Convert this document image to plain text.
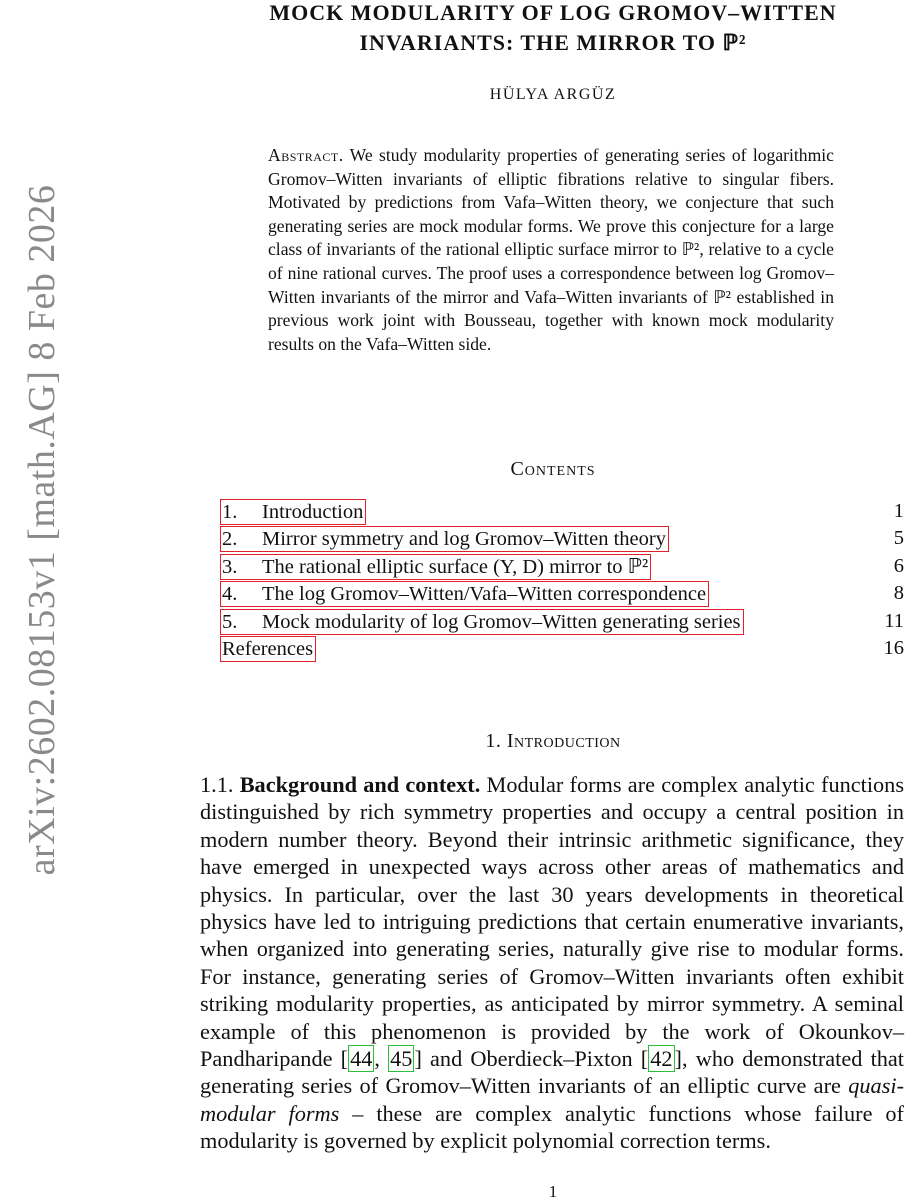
arXiv:2602.08153v1 [math.AG] 8 Feb 2026
MOCK MODULARITY OF LOG GROMOV–WITTEN
INVARIANTS: THE MIRROR TO ℙ²
HÜLYA ARGÜZ
Abstract. We study modularity properties of generating series of logarithmic Gromov–Witten invariants of elliptic fibrations relative to singular fibers. Motivated by predictions from Vafa–Witten theory, we conjecture that such generating series are mock modular forms. We prove this conjecture for a large class of invariants of the rational elliptic surface mirror to ℙ², relative to a cycle of nine rational curves. The proof uses a correspondence between log Gromov–Witten invariants of the mirror and Vafa–Witten invariants of ℙ² established in previous work joint with Bousseau, together with known mock modularity results on the Vafa–Witten side.
Contents
1. Introduction	1
2. Mirror symmetry and log Gromov–Witten theory	5
3. The rational elliptic surface (Y, D) mirror to ℙ²	6
4. The log Gromov–Witten/Vafa–Witten correspondence	8
5. Mock modularity of log Gromov–Witten generating series	11
References	16
1. Introduction
1.1. Background and context. Modular forms are complex analytic functions distinguished by rich symmetry properties and occupy a central position in modern number theory. Beyond their intrinsic arithmetic significance, they have emerged in unexpected ways across other areas of mathematics and physics. In particular, over the last 30 years developments in theoretical physics have led to intriguing predictions that certain enumerative invariants, when organized into generating series, naturally give rise to modular forms. For instance, generating series of Gromov–Witten invariants often exhibit striking modularity properties, as anticipated by mirror symmetry. A seminal example of this phenomenon is provided by the work of Okounkov–Pandharipande [44, 45] and Oberdieck–Pixton [42], who demonstrated that generating series of Gromov–Witten invariants of an elliptic curve are quasi-modular forms – these are complex analytic functions whose failure of modularity is governed by explicit polynomial correction terms.
1
